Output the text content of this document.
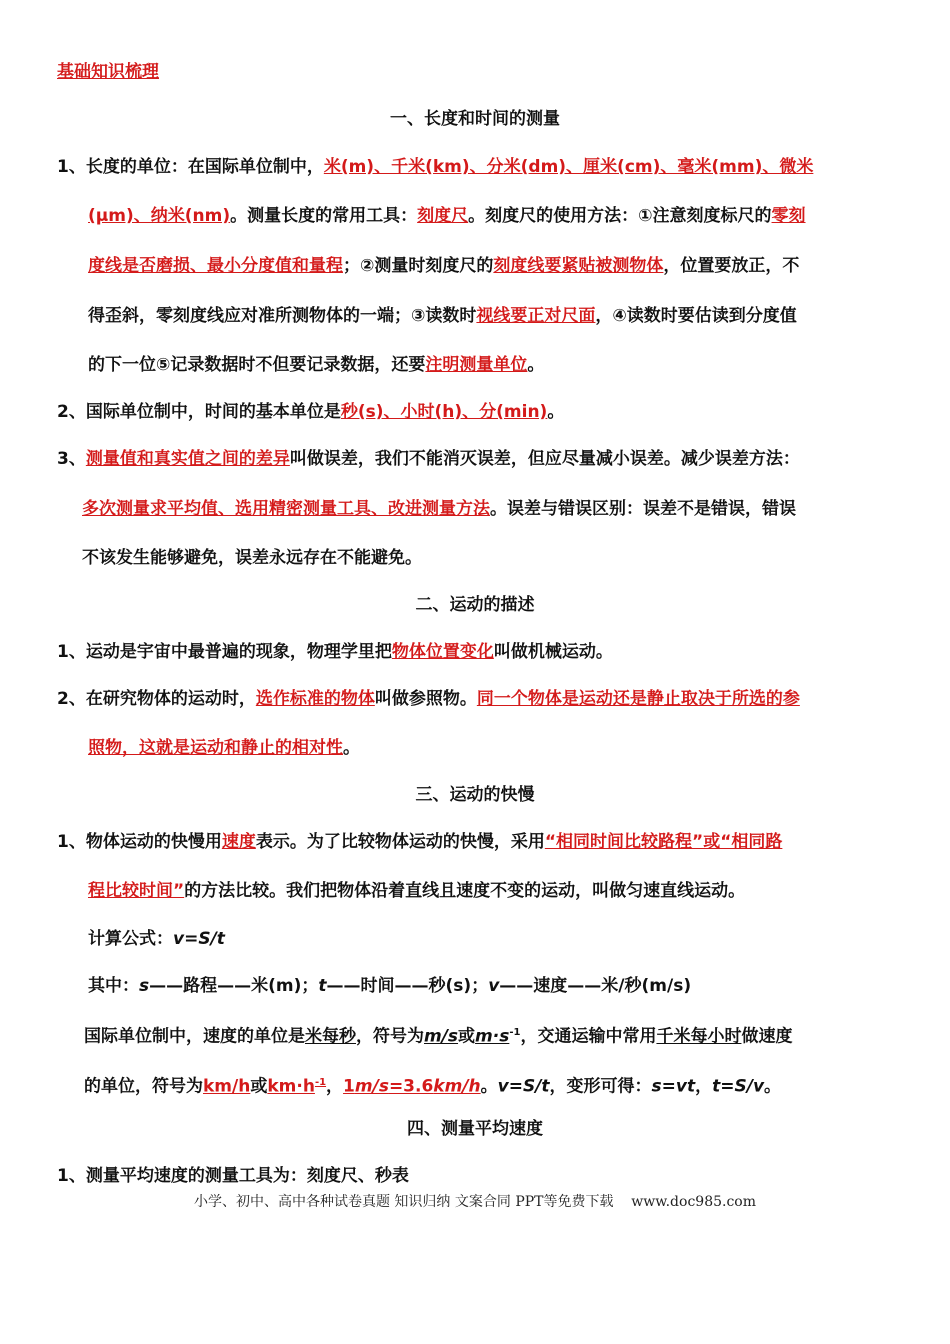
基础知识梳理
一、长度和时间的测量
1、长度的单位：在国际单位制中，米(m)、千米(km)、分米(dm)、厘米(cm)、毫米(mm)、微米
(μm)、纳米(nm)。测量长度的常用工具：刻度尺。刻度尺的使用方法：①注意刻度标尺的零刻
度线是否磨损、最小分度值和量程；②测量时刻度尺的刻度线要紧贴被测物体，位置要放正，不
得歪斜，零刻度线应对准所测物体的一端；③读数时视线要正对尺面，④读数时要估读到分度值
的下一位⑤记录数据时不但要记录数据，还要注明测量单位。
2、国际单位制中，时间的基本单位是秒(s)、小时(h)、分(min)。
3、测量值和真实值之间的差异叫做误差，我们不能消灭误差，但应尽量减小误差。减少误差方法：
多次测量求平均值、选用精密测量工具、改进测量方法。误差与错误区别：误差不是错误，错误
不该发生能够避免，误差永远存在不能避免。
二、运动的描述
1、运动是宇宙中最普遍的现象，物理学里把物体位置变化叫做机械运动。
2、在研究物体的运动时，选作标准的物体叫做参照物。同一个物体是运动还是静止取决于所选的参
照物，这就是运动和静止的相对性。
三、运动的快慢
1、物体运动的快慢用速度表示。为了比较物体运动的快慢，采用“相同时间比较路程”或“相同路
程比较时间”的方法比较。我们把物体沿着直线且速度不变的运动，叫做匀速直线运动。
计算公式：v=S/t
其中：s——路程——米(m)；t——时间——秒(s)；v——速度——米/秒(m/s)
国际单位制中，速度的单位是米每秒，符号为m/s或$m\cdot s^{-1}$，交通运输中常用千米每小时做速度
的单位，符号为km/h或$km\cdot h^{-1}$，1m/s=3.6km/h。v=S/t，变形可得：s=vt，t=S/v。
四、测量平均速度
1、测量平均速度的测量工具为：刻度尺、秒表
小学、初中、高中各种试卷真题 知识归纳 文案合同 PPT等免费下载    www.doc985.com
